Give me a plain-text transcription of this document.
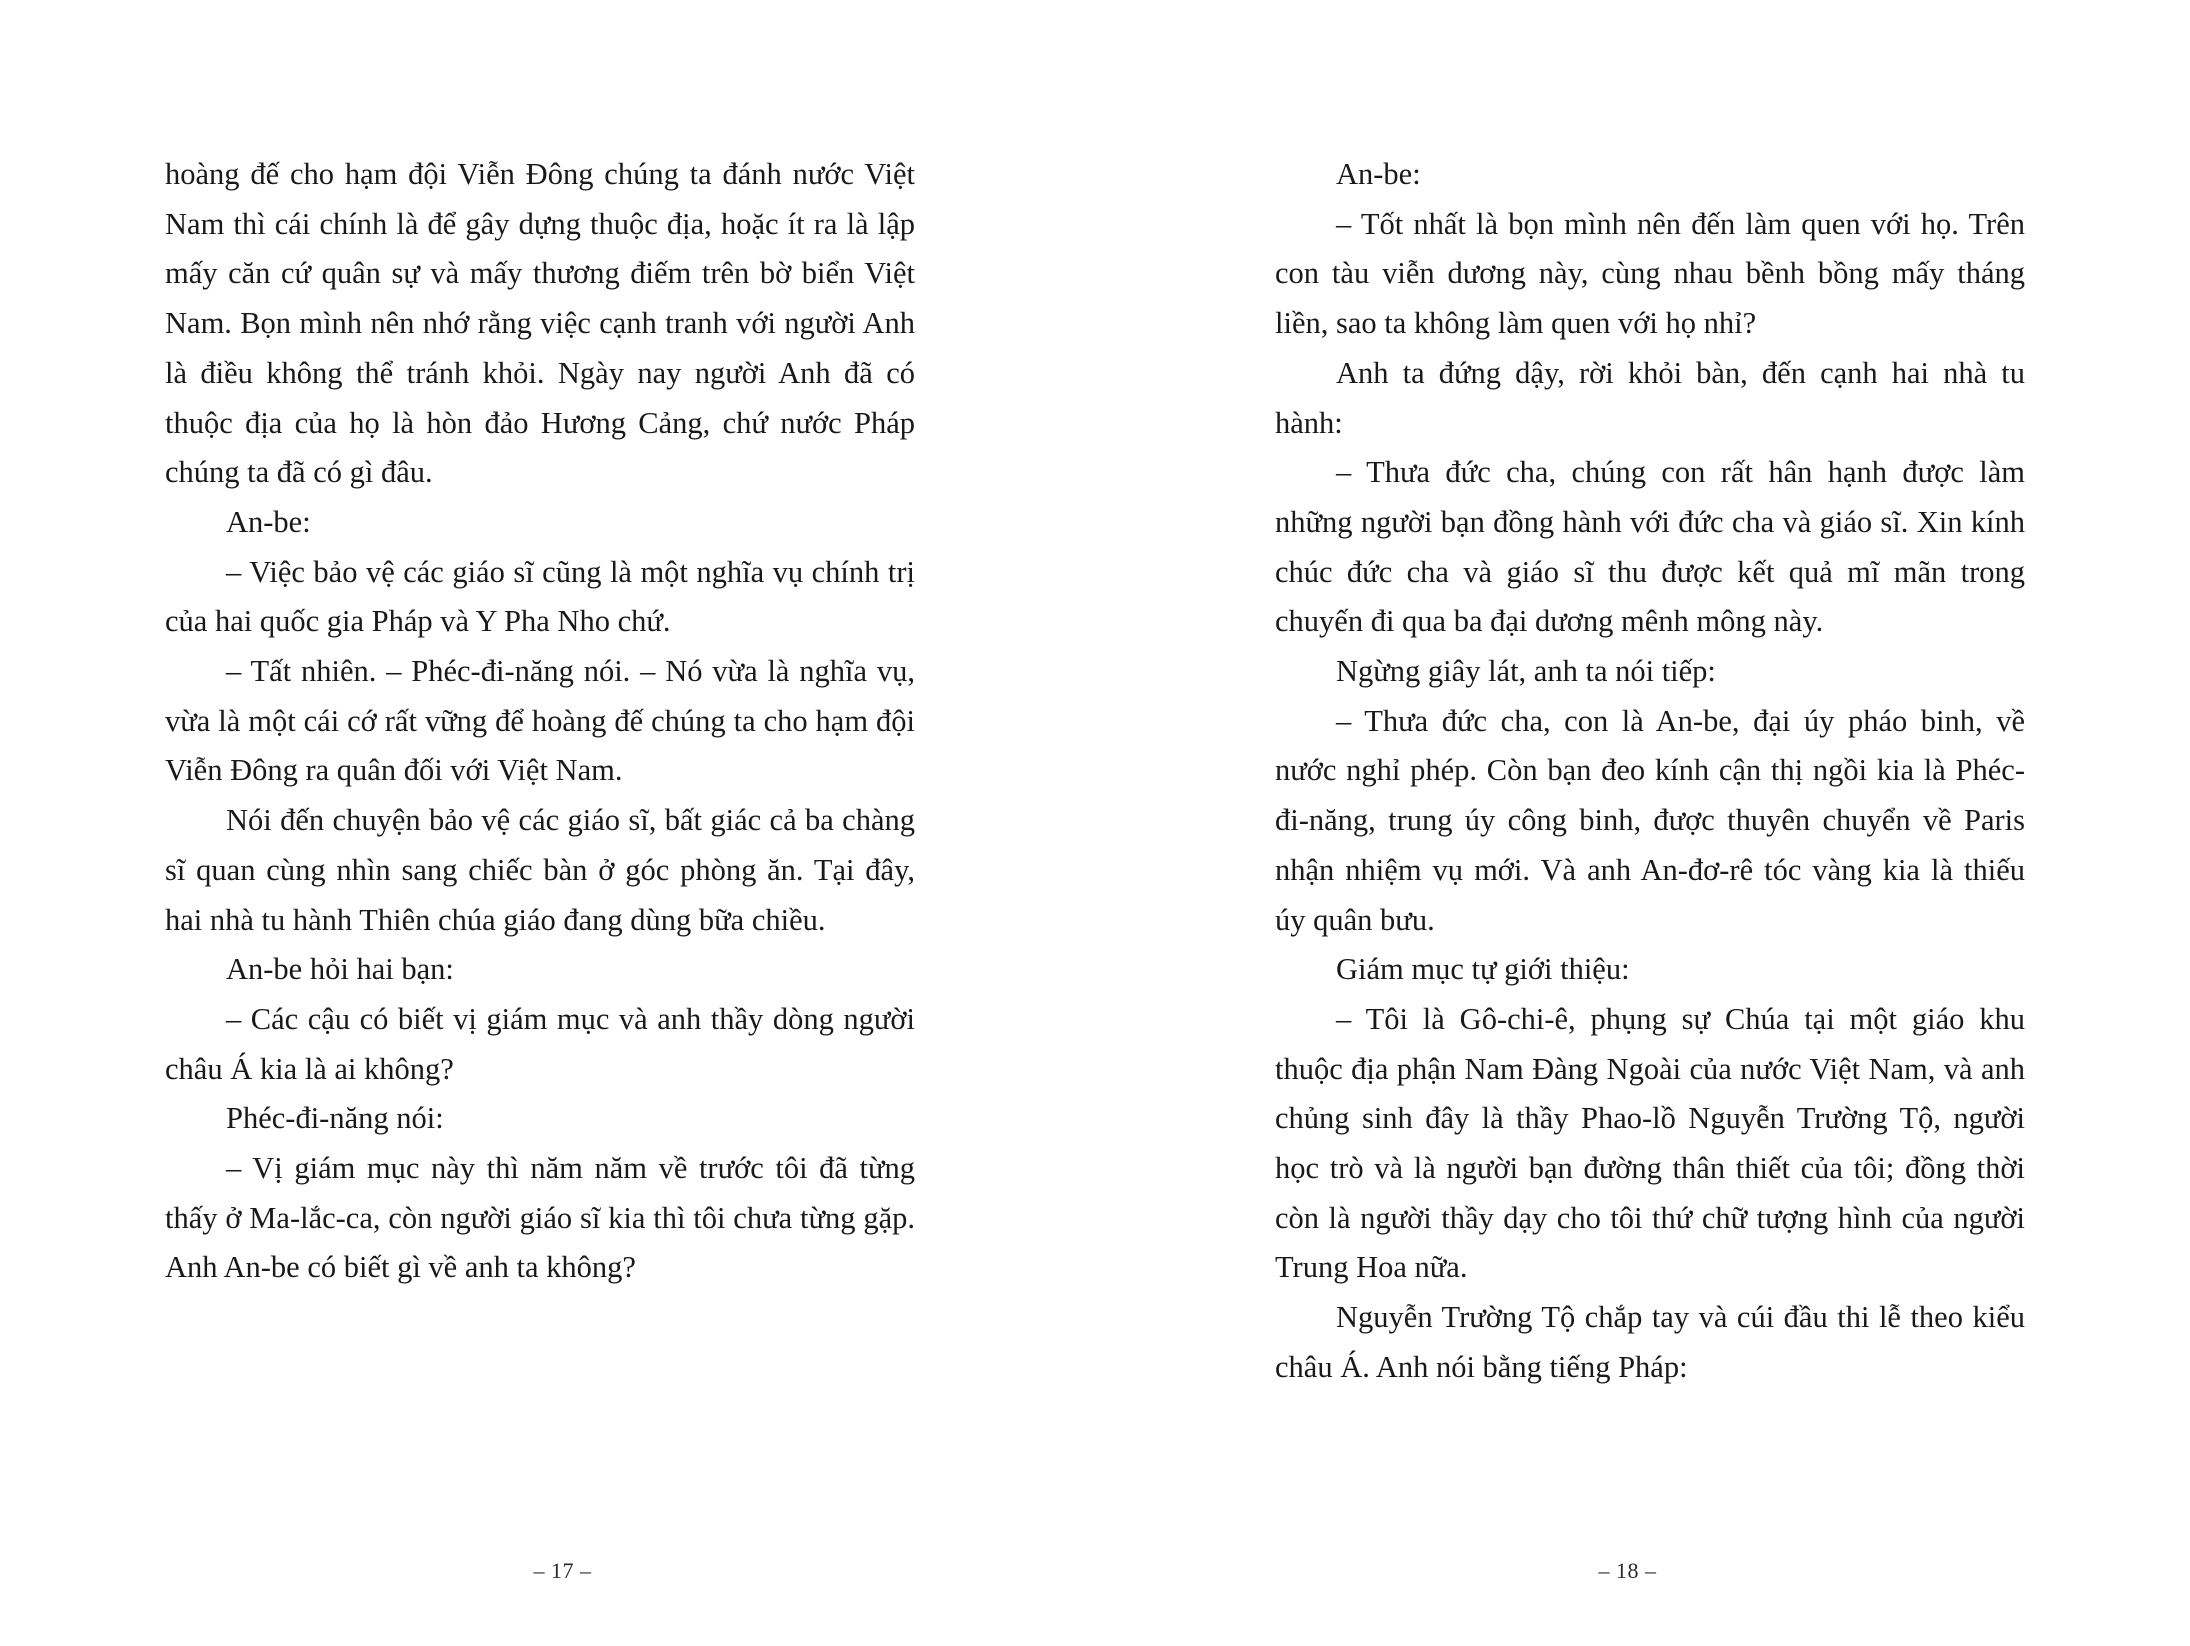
hoàng đế cho hạm đội Viễn Đông chúng ta đánh nước Việt Nam thì cái chính là để gây dựng thuộc địa, hoặc ít ra là lập mấy căn cứ quân sự và mấy thương điếm trên bờ biển Việt Nam. Bọn mình nên nhớ rằng việc cạnh tranh với người Anh là điều không thể tránh khỏi. Ngày nay người Anh đã có thuộc địa của họ là hòn đảo Hương Cảng, chứ nước Pháp chúng ta đã có gì đâu.

An-be:

– Việc bảo vệ các giáo sĩ cũng là một nghĩa vụ chính trị của hai quốc gia Pháp và Y Pha Nho chứ.

– Tất nhiên. – Phéc-đi-năng nói. – Nó vừa là nghĩa vụ, vừa là một cái cớ rất vững để hoàng đế chúng ta cho hạm đội Viễn Đông ra quân đối với Việt Nam.

Nói đến chuyện bảo vệ các giáo sĩ, bất giác cả ba chàng sĩ quan cùng nhìn sang chiếc bàn ở góc phòng ăn. Tại đây, hai nhà tu hành Thiên chúa giáo đang dùng bữa chiều.

An-be hỏi hai bạn:

– Các cậu có biết vị giám mục và anh thầy dòng người châu Á kia là ai không?

Phéc-đi-năng nói:

– Vị giám mục này thì năm năm về trước tôi đã từng thấy ở Ma-lắc-ca, còn người giáo sĩ kia thì tôi chưa từng gặp. Anh An-be có biết gì về anh ta không?

– 17 –

An-be:

– Tốt nhất là bọn mình nên đến làm quen với họ. Trên con tàu viễn dương này, cùng nhau bềnh bồng mấy tháng liền, sao ta không làm quen với họ nhỉ?

Anh ta đứng dậy, rời khỏi bàn, đến cạnh hai nhà tu hành:

– Thưa đức cha, chúng con rất hân hạnh được làm những người bạn đồng hành với đức cha và giáo sĩ. Xin kính chúc đức cha và giáo sĩ thu được kết quả mĩ mãn trong chuyến đi qua ba đại dương mênh mông này.

Ngừng giây lát, anh ta nói tiếp:

– Thưa đức cha, con là An-be, đại úy pháo binh, về nước nghỉ phép. Còn bạn đeo kính cận thị ngồi kia là Phéc-đi-năng, trung úy công binh, được thuyên chuyển về Paris nhận nhiệm vụ mới. Và anh An-đơ-rê tóc vàng kia là thiếu úy quân bưu.

Giám mục tự giới thiệu:

– Tôi là Gô-chi-ê, phụng sự Chúa tại một giáo khu thuộc địa phận Nam Đàng Ngoài của nước Việt Nam, và anh chủng sinh đây là thầy Phao-lồ Nguyễn Trường Tộ, người học trò và là người bạn đường thân thiết của tôi; đồng thời còn là người thầy dạy cho tôi thứ chữ tượng hình của người Trung Hoa nữa.

Nguyễn Trường Tộ chắp tay và cúi đầu thi lễ theo kiểu châu Á. Anh nói bằng tiếng Pháp:

– 18 –
